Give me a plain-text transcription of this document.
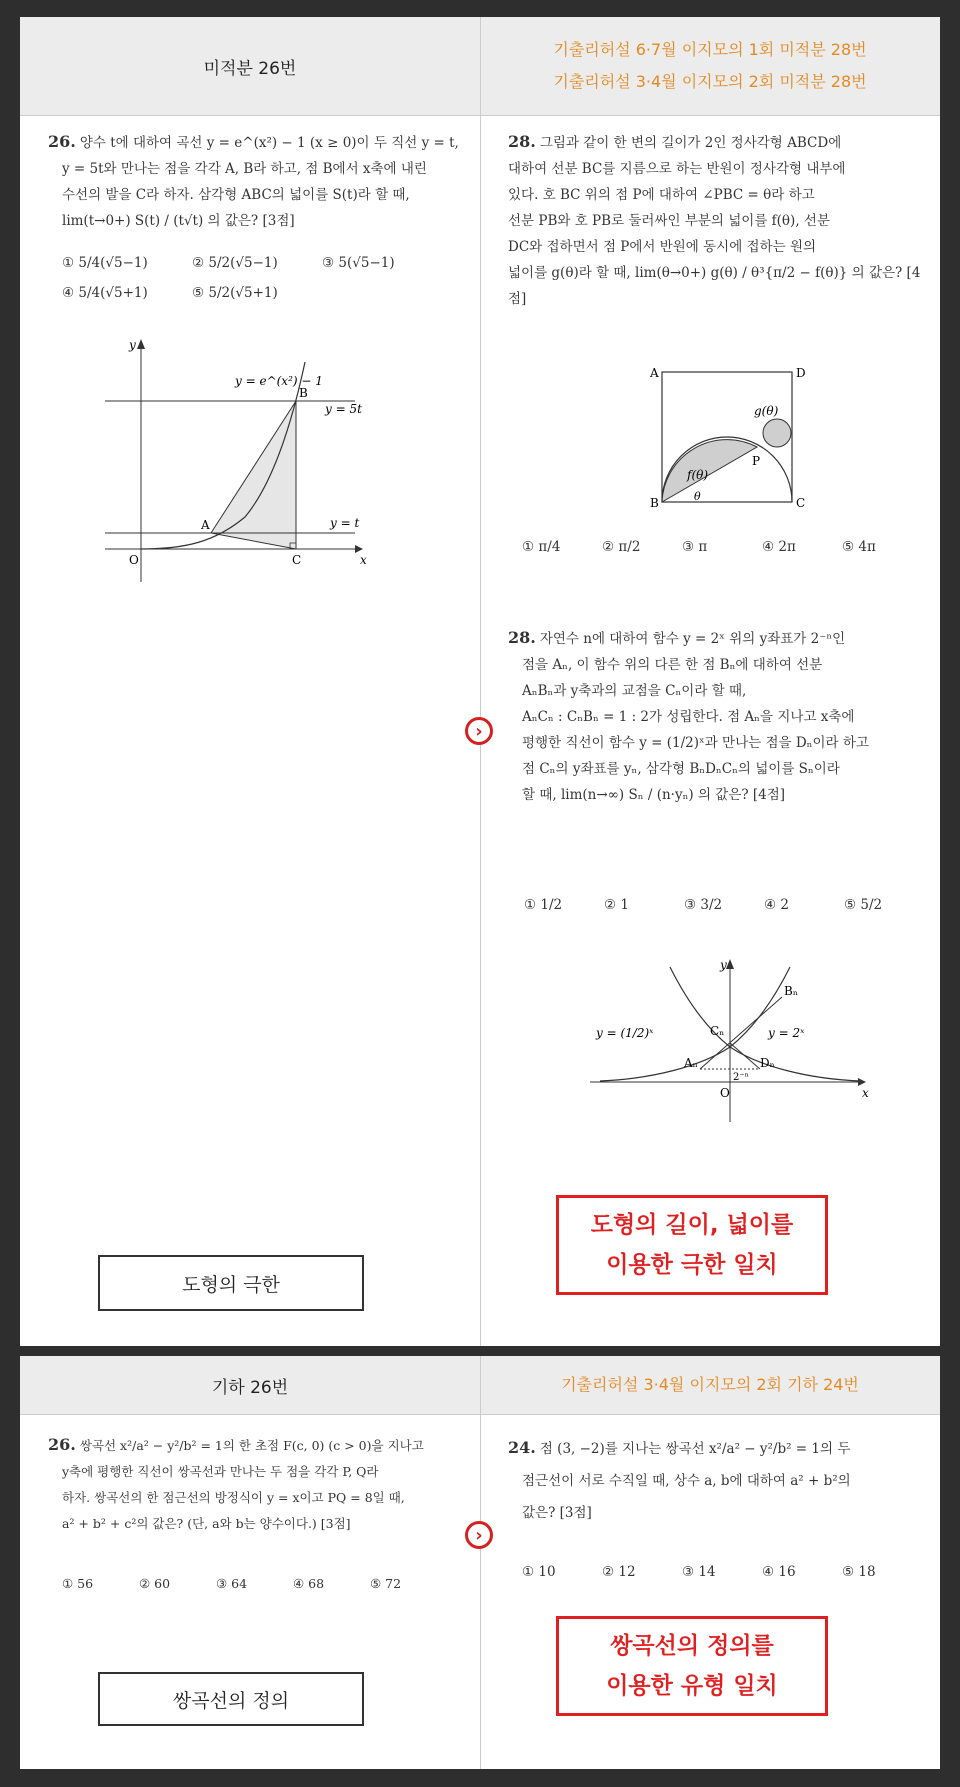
미적분 26번
기출리허설 6·7월 이지모의 1회 미적분 28번
기출리허설 3·4월 이지모의 2회 미적분 28번
26. 양수 t에 대하여 곡선 y = e^(x²) − 1 (x ≥ 0)이 두 직선 y = t,
y = 5t와 만나는 점을 각각 A, B라 하고, 점 B에서 x축에 내린
수선의 발을 C라 하자. 삼각형 ABC의 넓이를 S(t)라 할 때,
lim(t→0+) S(t) / (t√t) 의 값은? [3점]
① 5/4(√5−1)	② 5/2(√5−1)	③ 5(√5−1)
④ 5/4(√5+1)	⑤ 5/2(√5+1)
y = e^(x²) − 1
y = 5t
y = t
B
A
C
O	x
y
도형의 극한
28. 그림과 같이 한 변의 길이가 2인 정사각형 ABCD에
대하여 선분 BC를 지름으로 하는 반원이 정사각형 내부에
있다. 호 BC 위의 점 P에 대하여 ∠PBC = θ라 하고
선분 PB와 호 PB로 둘러싸인 부분의 넓이를 f(θ), 선분
DC와 접하면서 점 P에서 반원에 동시에 접하는 원의
넓이를 g(θ)라 할 때, lim(θ→0+) g(θ) / θ³{π/2 − f(θ)} 의 값은? [4점]
A	D
B	C
P
g(θ)
f(θ)
θ
① π/4	② π/2	③ π	④ 2π	⑤ 4π
›
28. 자연수 n에 대하여 함수 y = 2ˣ 위의 y좌표가 2⁻ⁿ인
점을 Aₙ, 이 함수 위의 다른 한 점 Bₙ에 대하여 선분
AₙBₙ과 y축과의 교점을 Cₙ이라 할 때,
AₙCₙ : CₙBₙ = 1 : 2가 성립한다. 점 Aₙ을 지나고 x축에
평행한 직선이 함수 y = (1/2)ˣ과 만나는 점을 Dₙ이라 하고
점 Cₙ의 y좌표를 yₙ, 삼각형 BₙDₙCₙ의 넓이를 Sₙ이라
할 때, lim(n→∞) Sₙ / (n·yₙ) 의 값은? [4점]
① 1/2	② 1	③ 3/2	④ 2	⑤ 5/2
y = (1/2)ˣ	y = 2ˣ
Bₙ
Cₙ
Aₙ	Dₙ
2⁻ⁿ
O	x
y
도형의 길이, 넓이를
이용한 극한 일치
기하 26번	기출리허설 3·4월 이지모의 2회 기하 24번
26. 쌍곡선 x²/a² − y²/b² = 1의 한 초점 F(c, 0) (c > 0)을 지나고
y축에 평행한 직선이 쌍곡선과 만나는 두 점을 각각 P, Q라
하자. 쌍곡선의 한 점근선의 방정식이 y = x이고 PQ = 8일 때,
a² + b² + c²의 값은? (단, a와 b는 양수이다.) [3점]
① 56	② 60	③ 64	④ 68	⑤ 72
쌍곡선의 정의
›
24. 점 (3, −2)를 지나는 쌍곡선 x²/a² − y²/b² = 1의 두
점근선이 서로 수직일 때, 상수 a, b에 대하여 a² + b²의
값은? [3점]
① 10	② 12	③ 14	④ 16	⑤ 18
쌍곡선의 정의를
이용한 유형 일치
